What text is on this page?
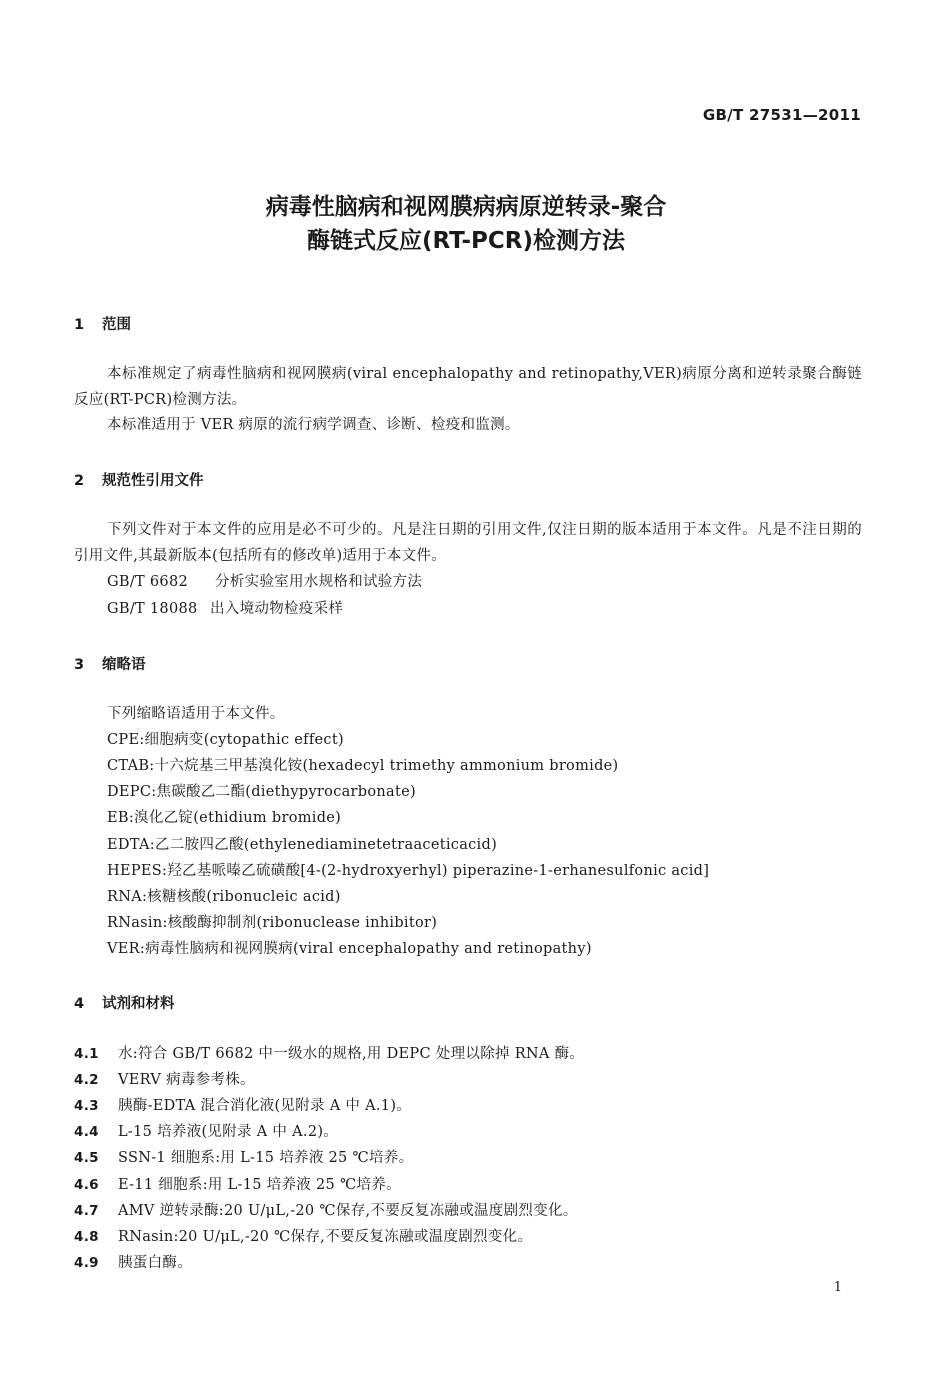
GB/T 27531—2011
病毒性脑病和视网膜病病原逆转录-聚合
酶链式反应(RT-PCR)检测方法
1 范围
本标准规定了病毒性脑病和视网膜病(viral encephalopathy and retinopathy,VER)病原分离和逆转录聚合酶链反应(RT-PCR)检测方法。
本标准适用于 VER 病原的流行病学调查、诊断、检疫和监测。
2 规范性引用文件
下列文件对于本文件的应用是必不可少的。凡是注日期的引用文件,仅注日期的版本适用于本文件。凡是不注日期的引用文件,其最新版本(包括所有的修改单)适用于本文件。
GB/T 6682 分析实验室用水规格和试验方法
GB/T 18088 出入境动物检疫采样
3 缩略语
下列缩略语适用于本文件。
CPE:细胞病变(cytopathic effect)
CTAB:十六烷基三甲基溴化铵(hexadecyl trimethy ammonium bromide)
DEPC:焦碳酸乙二酯(diethypyrocarbonate)
EB:溴化乙锭(ethidium bromide)
EDTA:乙二胺四乙酸(ethylenediaminetetraaceticacid)
HEPES:羟乙基哌嗪乙硫磺酸[4-(2-hydroxyerhyl) piperazine-1-erhanesulfonic acid]
RNA:核糖核酸(ribonucleic acid)
RNasin:核酸酶抑制剂(ribonuclease inhibitor)
VER:病毒性脑病和视网膜病(viral encephalopathy and retinopathy)
4 试剂和材料
4.1 水:符合 GB/T 6682 中一级水的规格,用 DEPC 处理以除掉 RNA 酶。
4.2 VERV 病毒参考株。
4.3 胰酶-EDTA 混合消化液(见附录 A 中 A.1)。
4.4 L-15 培养液(见附录 A 中 A.2)。
4.5 SSN-1 细胞系:用 L-15 培养液 25 ℃培养。
4.6 E-11 细胞系:用 L-15 培养液 25 ℃培养。
4.7 AMV 逆转录酶:20 U/μL,-20 ℃保存,不要反复冻融或温度剧烈变化。
4.8 RNasin:20 U/μL,-20 ℃保存,不要反复冻融或温度剧烈变化。
4.9 胰蛋白酶。
1
